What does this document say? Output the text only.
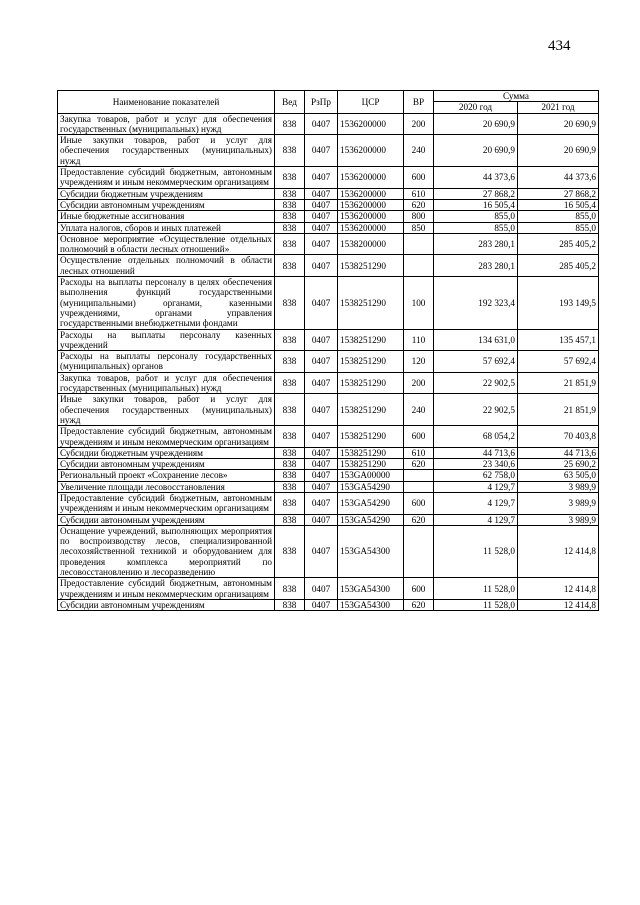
434
Наименование показателей	Вед	РзПр	ЦСР	ВР	Сумма	
					2020 год	2021 год
Закупка товаров, работ и услуг для обеспечения государственных (муниципальных) нужд	838	0407	1536200000	200	20 690,9	20 690,9
Иные закупки товаров, работ и услуг для обеспечения государственных (муниципальных) нужд	838	0407	1536200000	240	20 690,9	20 690,9
Предоставление субсидий бюджетным, автономным учреждениям и иным некоммерческим организациям	838	0407	1536200000	600	44 373,6	44 373,6
Субсидии бюджетным учреждениям	838	0407	1536200000	610	27 868,2	27 868,2
Субсидии автономным учреждениям	838	0407	1536200000	620	16 505,4	16 505,4
Иные бюджетные ассигнования	838	0407	1536200000	800	855,0	855,0
Уплата налогов, сборов и иных платежей	838	0407	1536200000	850	855,0	855,0
Основное мероприятие «Осуществление отдельных полномочий в области лесных отношений»	838	0407	1538200000		283 280,1	285 405,2
Осуществление отдельных полномочий в области лесных отношений	838	0407	1538251290		283 280,1	285 405,2
Расходы на выплаты персоналу в целях обеспечения выполнения функций государственными (муниципальными) органами, казенными учреждениями, органами управления государственными внебюджетными фондами	838	0407	1538251290	100	192 323,4	193 149,5
Расходы на выплаты персоналу казенных учреждений	838	0407	1538251290	110	134 631,0	135 457,1
Расходы на выплаты персоналу государственных (муниципальных) органов	838	0407	1538251290	120	57 692,4	57 692,4
Закупка товаров, работ и услуг для обеспечения государственных (муниципальных) нужд	838	0407	1538251290	200	22 902,5	21 851,9
Иные закупки товаров, работ и услуг для обеспечения государственных (муниципальных) нужд	838	0407	1538251290	240	22 902,5	21 851,9
Предоставление субсидий бюджетным, автономным учреждениям и иным некоммерческим организациям	838	0407	1538251290	600	68 054,2	70 403,8
Субсидии бюджетным учреждениям	838	0407	1538251290	610	44 713,6	44 713,6
Субсидии автономным учреждениям	838	0407	1538251290	620	23 340,6	25 690,2
Региональный проект «Сохранение лесов»	838	0407	153GA00000		62 758,0	63 505,0
Увеличение площади лесовосстановления	838	0407	153GA54290		4 129,7	3 989,9
Предоставление субсидий бюджетным, автономным учреждениям и иным некоммерческим организациям	838	0407	153GA54290	600	4 129,7	3 989,9
Субсидии автономным учреждениям	838	0407	153GA54290	620	4 129,7	3 989,9
Оснащение учреждений, выполняющих мероприятия по воспроизводству лесов, специализированной лесохозяйственной техникой и оборудованием для проведения комплекса мероприятий по лесовосстановлению и лесоразведению	838	0407	153GA54300		11 528,0	12 414,8
Предоставление субсидий бюджетным, автономным учреждениям и иным некоммерческим организациям	838	0407	153GA54300	600	11 528,0	12 414,8
Субсидии автономным учреждениям	838	0407	153GA54300	620	11 528,0	12 414,8
